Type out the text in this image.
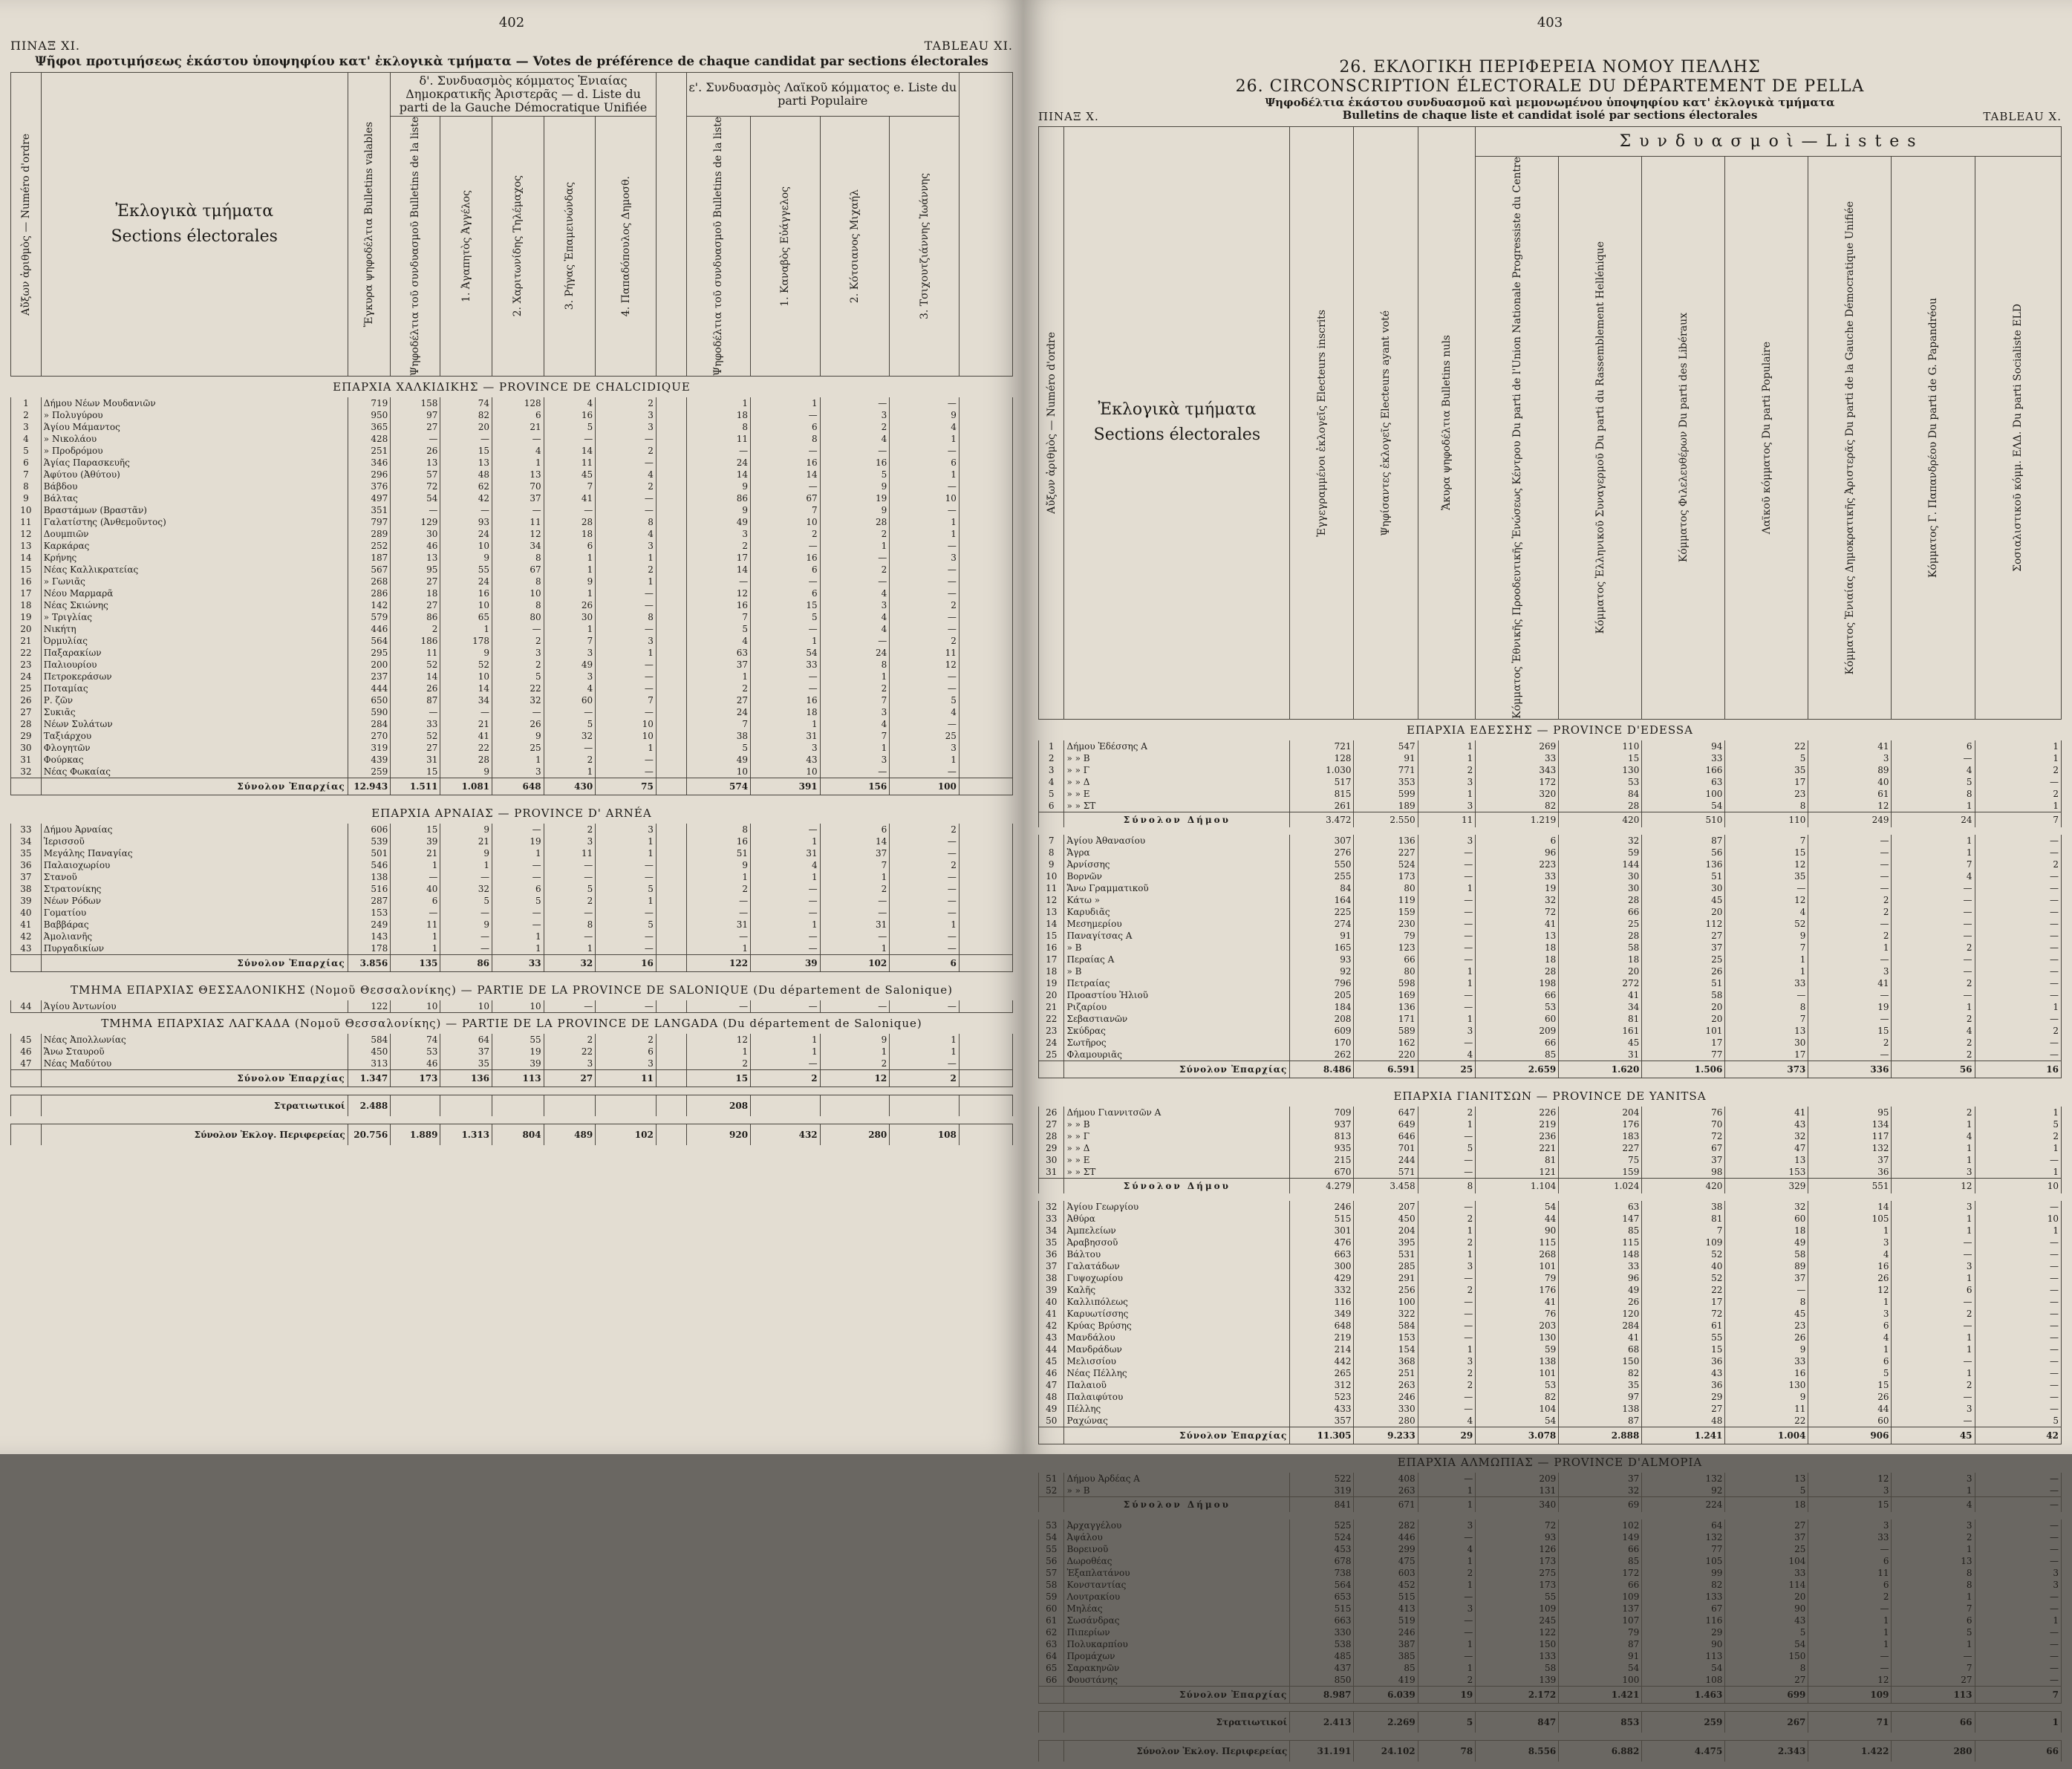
402
ΠΙΝΑΞ ΧΙ.	TABLEAU XI.
Ψῆφοι προτιμήσεως ἑκάστου ὑποψηφίου κατ' ἐκλογικὰ τμήματα — Votes de préférence de chaque candidat par sections électorales
Αὔξων ἀριθμὸς — Numéro d'ordre	Ἐκλογικὰ τμήματα
Sections électorales	Ἔγκυρα ψηφοδέλτια Bulletins valables	δ'. Συνδυασμὸς κόμματος Ἑνιαίας Δημοκρατικῆς Ἀριστερᾶς — d. Liste du parti de la Gauche Démocratique Unifiée						ε'. Συνδυασμὸς Λαϊκοῦ κόμματος e. Liste du parti Populaire				

			Ψηφοδέλτια τοῦ συνδυασμοῦ Bulletins de la liste	1. Ἀγαπητὸς Ἀγγέλος	2. Χαριτωνίδης Τηλέμαχος	3. Ρήγας Ἐπαμεινώνδας	4. Παπαδόπουλος Δημοσθ.		Ψηφοδέλτια τοῦ συνδυασμοῦ Bulletins de la liste	1. Καναβὸς Εὐάγγελος	2. Κότσιανος Μιχαήλ	3. Τσιχουτζιάννης Ἰωάννης	

ΕΠΑΡΧΙΑ ΧΑΛΚΙΔΙΚΗΣ — PROVINCE DE CHALCIDIQUE													
1	Δήμου Νέων Μουδανιῶν	719	158	74	128	4	2		1	1	—	—	
2	» Πολυγύρου	950	97	82	6	16	3		18	—	3	9	
3	Ἁγίου Μάμαντος	365	27	20	21	5	3		8	6	2	4	
4	» Νικολάου	428	—	—	—	—	—		11	8	4	1	
5	» Προδρόμου	251	26	15	4	14	2		—	—	—	—	
6	Ἁγίας Παρασκευῆς	346	13	13	1	11	—		24	16	16	6	
7	Ἀφύτου (Ἀθύτου)	296	57	48	13	45	4		14	14	5	1	
8	Βάβδου	376	72	62	70	7	2		9	—	9	—	
9	Βάλτας	497	54	42	37	41	—		86	67	19	10	
10	Βραστάμων (Βραστᾶν)	351	—	—	—	—	—		9	7	9	—	
11	Γαλατίστης (Ἀνθεμοῦντος)	797	129	93	11	28	8		49	10	28	1	
12	Δουμπιῶν	289	30	24	12	18	4		3	2	2	1	
13	Καρκάρας	252	46	10	34	6	3		2	—	1	—	
14	Κρήνης	187	13	9	8	1	1		17	16	—	3	
15	Νέας Καλλικρατείας	567	95	55	67	1	2		14	6	2	—	
16	» Γωνιᾶς	268	27	24	8	9	1		—	—	—	—	
17	Νέου Μαρμαρᾶ	286	18	16	10	1	—		12	6	4	—	
18	Νέας Σκιώνης	142	27	10	8	26	—		16	15	3	2	
19	» Τριγλίας	579	86	65	80	30	8		7	5	4	—	
20	Νικήτη	446	2	1	—	1	—		5	—	4	—	
21	Ὀρμυλίας	564	186	178	2	7	3		4	1	—	2	
22	Παξαρακίων	295	11	9	3	3	1		63	54	24	11	
23	Παλιουρίου	200	52	52	2	49	—		37	33	8	12	
24	Πετροκεράσων	237	14	10	5	3	—		1	—	1	—	
25	Ποταμίας	444	26	14	22	4	—		2	—	2	—	
26	Ρ. ζῶν	650	87	34	32	60	7		27	16	7	5	
27	Συκιᾶς	590	—	—	—	—	—		24	18	3	4	
28	Νέων Συλάτων	284	33	21	26	5	10		7	1	4	—	
29	Ταξιάρχου	270	52	41	9	32	10		38	31	7	25	
30	Φλογητῶν	319	27	22	25	—	1		5	3	1	3	
31	Φούρκας	439	31	28	1	2	—		49	43	3	1	
32	Νέας Φωκαίας	259	15	9	3	1	—		10	10	—	—	
	Σύνολον Ἐπαρχίας	12.943	1.511	1.081	648	430	75		574	391	156	100	

ΕΠΑΡΧΙΑ ΑΡΝΑΙΑΣ — PROVINCE D' ARNÉA													
33	Δήμου Ἀρναίας	606	15	9	—	2	3		8	—	6	2	
34	Ἱερισσοῦ	539	39	21	19	3	1		16	1	14	—	
35	Μεγάλης Παναγίας	501	21	9	1	11	1		51	31	37	—	
36	Παλαιοχωρίου	546	1	1	—	—	—		9	4	7	2	
37	Στανοῦ	138	—	—	—	—	—		1	1	1	—	
38	Στρατονίκης	516	40	32	6	5	5		2	—	2	—	
39	Νέων Ρόδων	287	6	5	5	2	1		—	—	—	—	
40	Γοματίου	153	—	—	—	—	—		—	—	—	—	
41	Βαββάρας	249	11	9	—	8	5		31	1	31	1	
42	Ἀμολιανῆς	143	1	—	1	—	—		—	—	—	—	
43	Πυργαδικίων	178	1	—	1	1	—		1	—	1	—	
	Σύνολον Ἐπαρχίας	3.856	135	86	33	32	16		122	39	102	6	

ΤΜΗΜΑ ΕΠΑΡΧΙΑΣ ΘΕΣΣΑΛΟΝΙΚΗΣ (Νομοῦ Θεσσαλονίκης) — PARTIE DE LA PROVINCE DE SALONIQUE (Du département de Salonique)													
44	Ἁγίου Ἀντωνίου	122	10	10	10	—	—		—	—	—	—	
ΤΜΗΜΑ ΕΠΑΡΧΙΑΣ ΛΑΓΚΑΔΑ (Νομοῦ Θεσσαλονίκης) — PARTIE DE LA PROVINCE DE LANGADA (Du département de Salonique)													
45	Νέας Ἀπολλωνίας	584	74	64	55	2	2		12	1	9	1	
46	Ἄνω Σταυροῦ	450	53	37	19	22	6		1	1	1	1	
47	Νέας Μαδύτου	313	46	35	39	3	3		2	—	2	—	
	Σύνολον Ἐπαρχίας	1.347	173	136	113	27	11		15	2	12	2	

	Στρατιωτικοί	2.488							208				

	Σύνολον Ἐκλογ. Περιφερείας	20.756	1.889	1.313	804	489	102		920	432	280	108	

403
26. ΕΚΛΟΓΙΚΗ ΠΕΡΙΦΕΡΕΙΑ ΝΟΜΟΥ ΠΕΛΛΗΣ
26. CIRCONSCRIPTION ÉLECTORALE DU DÉPARTEMENT DE PELLA
Ψηφοδέλτια ἑκάστου συνδυασμοῦ καὶ μεμονωμένου ὑποψηφίου κατ' ἐκλογικὰ τμήματα
Bulletins de chaque liste et candidat isolé par sections électorales
ΠΙΝΑΞ Χ.	TABLEAU X.
Αὔξων ἀριθμὸς — Numéro d'ordre	Ἐκλογικὰ τμήματα
Sections électorales	Ἐγγεγραμμένοι ἐκλογεῖς Electeurs inscrits	Ψηφίσαντες ἐκλογεῖς Electeurs ayant voté	Ἄκυρα ψηφοδέλτια Bulletins nuls	Σ υ ν δ υ α σ μ ο ὶ — L i s t e s						

					Κόμματος Ἐθνικῆς Προοδευτικῆς Ἑνώσεως Κέντρου Du parti de l'Union Nationale Progressiste du Centre	Κόμματος Ἑλληνικοῦ Συναγερμοῦ Du parti du Rassemblement Hellénique	Κόμματος Φιλελευθέρων Du parti des Libéraux	Λαϊκοῦ κόμματος Du parti Populaire	Κόμματος Ἑνιαίας Δημοκρατικῆς Ἀριστερᾶς Du parti de la Gauche Démocratique Unifiée	Κόμματος Γ. Παπανδρέου Du parti de G. Papandréou	Σοσιαλιστικοῦ κόμμ. ΕΛΔ. Du parti Socialiste ELD

ΕΠΑΡΧΙΑ ΕΔΕΣΣΗΣ — PROVINCE D'EDESSA											
1	Δήμου Ἐδέσσης Α	721	547	1	269	110	94	22	41	6	1
2	» » Β	128	91	1	33	15	33	5	3	—	1
3	» » Γ	1.030	771	2	343	130	166	35	89	4	2
4	» » Δ	517	353	3	172	53	63	17	40	5	—
5	» » Ε	815	599	1	320	84	100	23	61	8	2
6	» » ΣΤ	261	189	3	82	28	54	8	12	1	1
	Σύνολον Δήμου	3.472	2.550	11	1.219	420	510	110	249	24	7

7	Ἁγίου Ἀθανασίου	307	136	3	6	32	87	7	—	1	—
8	Ἄγρα	276	227	—	96	59	56	15	—	1	—
9	Ἀρνίσσης	550	524	—	223	144	136	12	—	7	2
10	Βορνῶν	255	173	—	33	30	51	35	—	4	—
11	Ἄνω Γραμματικοῦ	84	80	1	19	30	30	—	—	—	—
12	Κάτω »	164	119	—	32	28	45	12	2	—	—
13	Καρυδιᾶς	225	159	—	72	66	20	4	2	—	—
14	Μεσημερίου	274	230	—	41	25	112	52	—	—	—
15	Παναγίτσας Α	91	79	—	13	28	27	9	2	—	—
16	» Β	165	123	—	18	58	37	7	1	2	—
17	Περαίας Α	93	66	—	18	18	25	1	—	—	—
18	» Β	92	80	1	28	20	26	1	3	—	—
19	Πετραίας	796	598	1	198	272	51	33	41	2	—
20	Προαστίου Ἠλιοῦ	205	169	—	66	41	58	—	—	—	—
21	Ριζαρίου	184	136	—	53	34	20	8	19	1	1
22	Σεβαστιανῶν	208	171	1	60	81	20	7	—	2	—
23	Σκύδρας	609	589	3	209	161	101	13	15	4	2
24	Σωτῆρος	170	162	—	66	45	17	30	2	2	—
25	Φλαμουριᾶς	262	220	4	85	31	77	17	—	2	—
	Σύνολον Ἐπαρχίας	8.486	6.591	25	2.659	1.620	1.506	373	336	56	16

ΕΠΑΡΧΙΑ ΓΙΑΝΙΤΣΩΝ — PROVINCE DE YANITSA											
26	Δήμου Γιαννιτσῶν Α	709	647	2	226	204	76	41	95	2	1
27	» » Β	937	649	1	219	176	70	43	134	1	5
28	» » Γ	813	646	—	236	183	72	32	117	4	2
29	» » Δ	935	701	5	221	227	67	47	132	1	1
30	» » Ε	215	244	—	81	75	37	13	37	1	—
31	» » ΣΤ	670	571	—	121	159	98	153	36	3	1
	Σύνολον Δήμου	4.279	3.458	8	1.104	1.024	420	329	551	12	10

32	Ἁγίου Γεωργίου	246	207	—	54	63	38	32	14	3	—
33	Ἀθύρα	515	450	2	44	147	81	60	105	1	10
34	Ἀμπελείων	301	204	1	90	85	7	18	1	1	1
35	Ἀραβησσοῦ	476	395	2	115	115	109	49	3	—	—
36	Βάλτου	663	531	1	268	148	52	58	4	—	—
37	Γαλατάδων	300	285	3	101	33	40	89	16	3	—
38	Γυψοχωρίου	429	291	—	79	96	52	37	26	1	—
39	Καλῆς	332	256	2	176	49	22	—	12	6	—
40	Καλλιπόλεως	116	100	—	41	26	17	8	1	—	—
41	Καρυωτίσσης	349	322	—	76	120	72	45	3	2	—
42	Κρύας Βρύσης	648	584	—	203	284	61	23	6	—	—
43	Μανδάλου	219	153	—	130	41	55	26	4	1	—
44	Μανδράδων	214	154	1	59	68	15	9	1	1	—
45	Μελισσίου	442	368	3	138	150	36	33	6	—	—
46	Νέας Πέλλης	265	251	2	101	82	43	16	5	1	—
47	Παλαιοῦ	312	263	2	53	35	36	130	15	2	—
48	Παλαιφύτου	523	246	—	82	97	29	9	26	—	—
49	Πέλλης	433	330	—	104	138	27	11	44	3	—
50	Ραχώνας	357	280	4	54	87	48	22	60	—	5
	Σύνολον Ἐπαρχίας	11.305	9.233	29	3.078	2.888	1.241	1.004	906	45	42

ΕΠΑΡΧΙΑ ΑΛΜΩΠΙΑΣ — PROVINCE D'ALMOPIA											
51	Δήμου Ἀρδέας Α	522	408	—	209	37	132	13	12	3	—
52	» » Β	319	263	1	131	32	92	5	3	1	—
	Σύνολον Δήμου	841	671	1	340	69	224	18	15	4	—

53	Ἀρχαγγέλου	525	282	3	72	102	64	27	3	3	—
54	Ἀψάλου	524	446	—	93	149	132	37	33	2	—
55	Βορεινοῦ	453	299	4	126	66	77	25	—	1	—
56	Δωροθέας	678	475	1	173	85	105	104	6	13	—
57	Ἐξαπλατάνου	738	603	2	275	172	99	33	11	8	3
58	Κονσταντίας	564	452	1	173	66	82	114	6	8	3
59	Λουτρακίου	653	515	—	55	109	133	20	2	1	—
60	Μηλέας	515	413	3	109	137	67	90	—	7	—
61	Σωσάνδρας	663	519	—	245	107	116	43	1	6	1
62	Πιπερίων	330	246	—	122	79	29	5	1	5	—
63	Πολυκαρπίου	538	387	1	150	87	90	54	1	1	—
64	Προμάχων	485	385	—	133	91	113	150	—	—	—
65	Σαρακηνῶν	437	85	1	58	54	54	8	—	7	—
66	Φουστάνης	850	419	2	139	100	108	27	12	27	—
	Σύνολον Ἐπαρχίας	8.987	6.039	19	2.172	1.421	1.463	699	109	113	7

	Στρατιωτικοί	2.413	2.269	5	847	853	259	267	71	66	1

	Σύνολον Ἐκλογ. Περιφερείας	31.191	24.102	78	8.556	6.882	4.475	2.343	1.422	280	66
